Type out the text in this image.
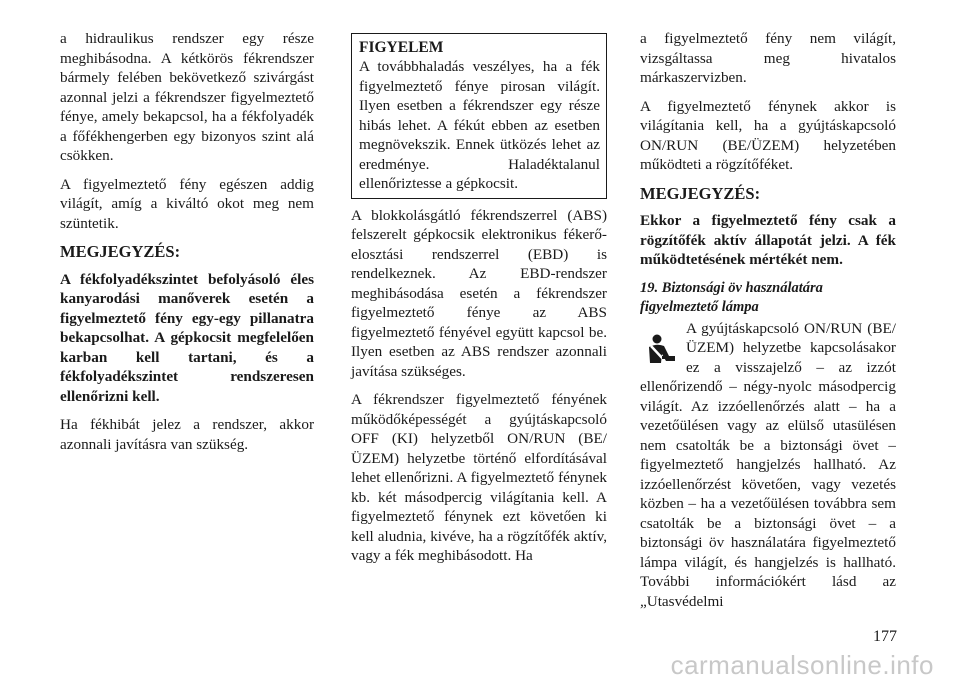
a hidraulikus rendszer egy része meghibásodna. A kétkörös fékrendszer bármely felében bekövetkező szivárgást azonnal jelzi a fékrendszer figyelmeztető fénye, amely bekapcsol, ha a fékfolyadék a főfékhengerben egy bizonyos szint alá csökken.

A figyelmeztető fény egészen addig világít, amíg a kiváltó okot meg nem szüntetik.

MEGJEGYZÉS:

A fékfolyadékszintet befolyásoló éles kanyarodási manőverek esetén a figyelmeztető fény egy-egy pillanatra bekapcsolhat. A gépkocsit megfelelően karban kell tartani, és a fékfolyadékszintet rendszeresen ellenőrizni kell.

Ha fékhibát jelez a rendszer, akkor azonnali javításra van szükség.

FIGYELEM

A továbbhaladás veszélyes, ha a fék figyelmeztető fénye pirosan világít. Ilyen esetben a fékrendszer egy része hibás lehet. A fékút ebben az esetben megnövekszik. Ennek ütközés lehet az eredménye. Haladéktalanul ellenőriztesse a gépkocsit.

A blokkolásgátló fékrendszerrel (ABS) felszerelt gépkocsik elektronikus fékerő-elosztási rendszerrel (EBD) is rendelkeznek. Az EBD-rendszer meghibásodása esetén a fékrendszer figyelmeztető fénye az ABS figyelmeztető fényével együtt kapcsol be. Ilyen esetben az ABS rendszer azonnali javítása szükséges.

A fékrendszer figyelmeztető fényének működőképességét a gyújtáskapcsoló OFF (KI) helyzetből ON/RUN (BE/ÜZEM) helyzetbe történő elfordításával lehet ellenőrizni. A figyelmeztető fénynek kb. két másodpercig világítania kell. A figyelmeztető fénynek ezt követően ki kell aludnia, kivéve, ha a rögzítőfék aktív, vagy a fék meghibásodott. Ha

a figyelmeztető fény nem világít, vizsgáltassa meg hivatalos márkaszervizben.

A figyelmeztető fénynek akkor is világítania kell, ha a gyújtáskapcsoló ON/RUN (BE/ÜZEM) helyzetében működteti a rögzítőféket.

MEGJEGYZÉS:

Ekkor a figyelmeztető fény csak a rögzítőfék aktív állapotát jelzi. A fék működtetésének mértékét nem.

19. Biztonsági öv használatára figyelmeztető lámpa

A gyújtáskapcsoló ON/RUN (BE/ÜZEM) helyzetbe kapcsolásakor ez a visszajelző – az izzót ellenőrizendő – négy-nyolc másodpercig világít. Az izzóellenőrzés alatt – ha a vezetőülésen vagy az elülső utasülésen nem csatolták be a biztonsági övet – figyelmeztető hangjelzés hallható. Az izzóellenőrzést követően, vagy vezetés közben – ha a vezetőülésen továbbra sem csatolták be a biztonsági övet – a biztonsági öv használatára figyelmeztető lámpa világít, és hangjelzés is hallható. További információkért lásd az „Utasvédelmi

177
carmanualsonline.info
